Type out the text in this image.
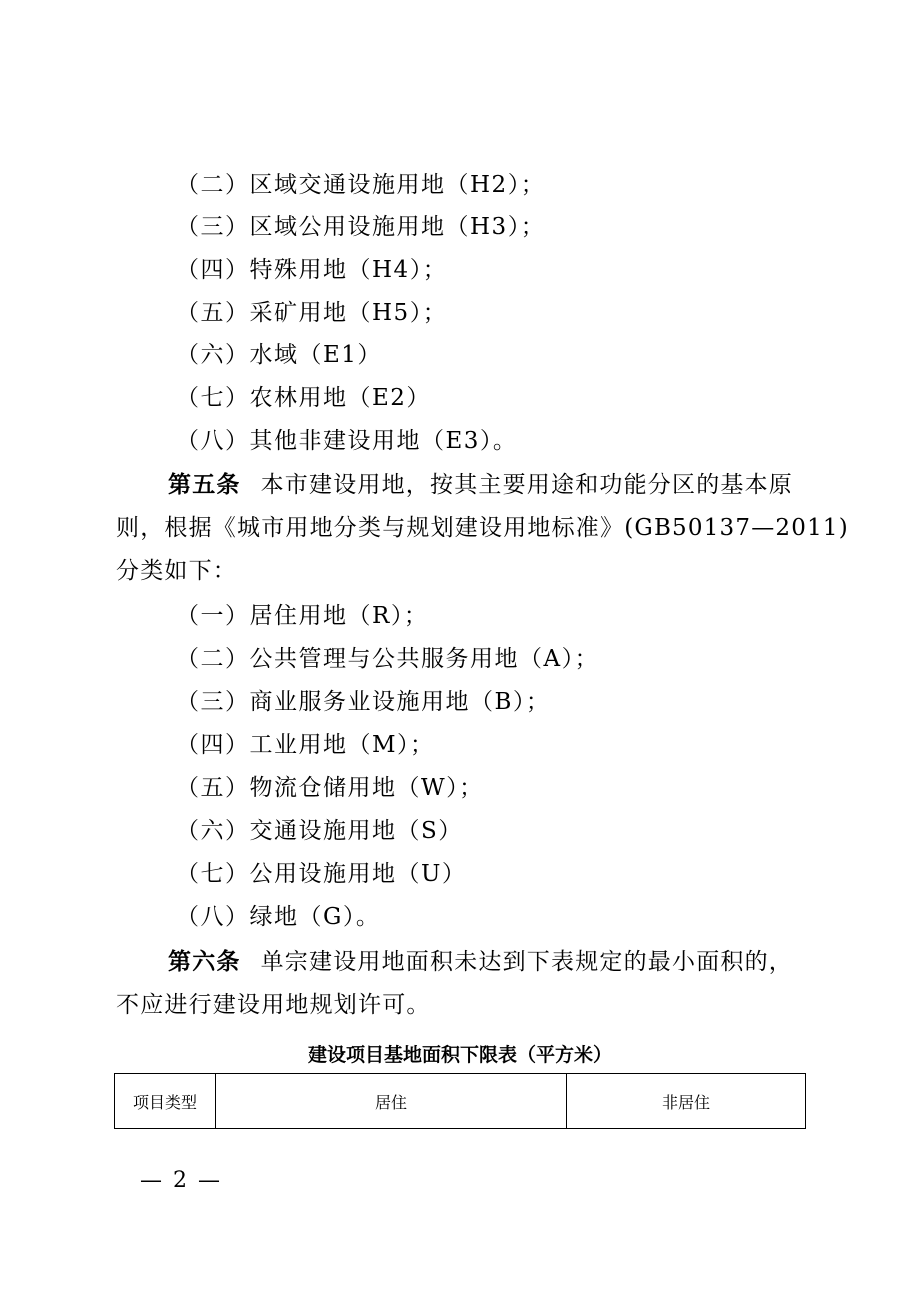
（二）区域交通设施用地（H2）；
（三）区域公用设施用地（H3）；
（四）特殊用地（H4）；
（五）采矿用地（H5）；
（六）水域（E1）
（七）农林用地（E2）
（八）其他非建设用地（E3）。
第五条 本市建设用地，按其主要用途和功能分区的基本原
则，根据《城市用地分类与规划建设用地标准》(GB50137—2011)
分类如下：
（一）居住用地（R）；
（二）公共管理与公共服务用地（A）；
（三）商业服务业设施用地（B）；
（四）工业用地（M）；
（五）物流仓储用地（W）；
（六）交通设施用地（S）
（七）公用设施用地（U）
（八）绿地（G）。
第六条 单宗建设用地面积未达到下表规定的最小面积的，
不应进行建设用地规划许可。
建设项目基地面积下限表（平方米）
项目类型	居住	非居住
— 2 —
